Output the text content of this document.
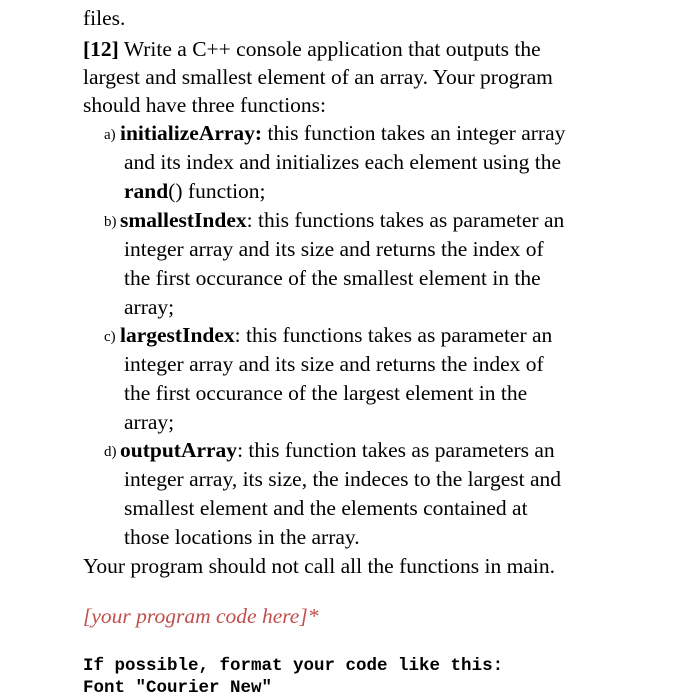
files.
[12] Write a C++ console application that outputs the
largest and smallest element of an array. Your program
should have three functions:
a) initializeArray: this function takes an integer array
and its index and initializes each element using the
rand() function;
b) smallestIndex: this functions takes as parameter an
integer array and its size and returns the index of
the first occurance of the smallest element in the
array;
c) largestIndex: this functions takes as parameter an
integer array and its size and returns the index of
the first occurance of the largest element in the
array;
d) outputArray: this function takes as parameters an
integer array, its size, the indeces to the largest and
smallest element and the elements contained at
those locations in the array.
Your program should not call all the functions in main.
[your program code here]*
If possible, format your code like this:
Font "Courier New"
